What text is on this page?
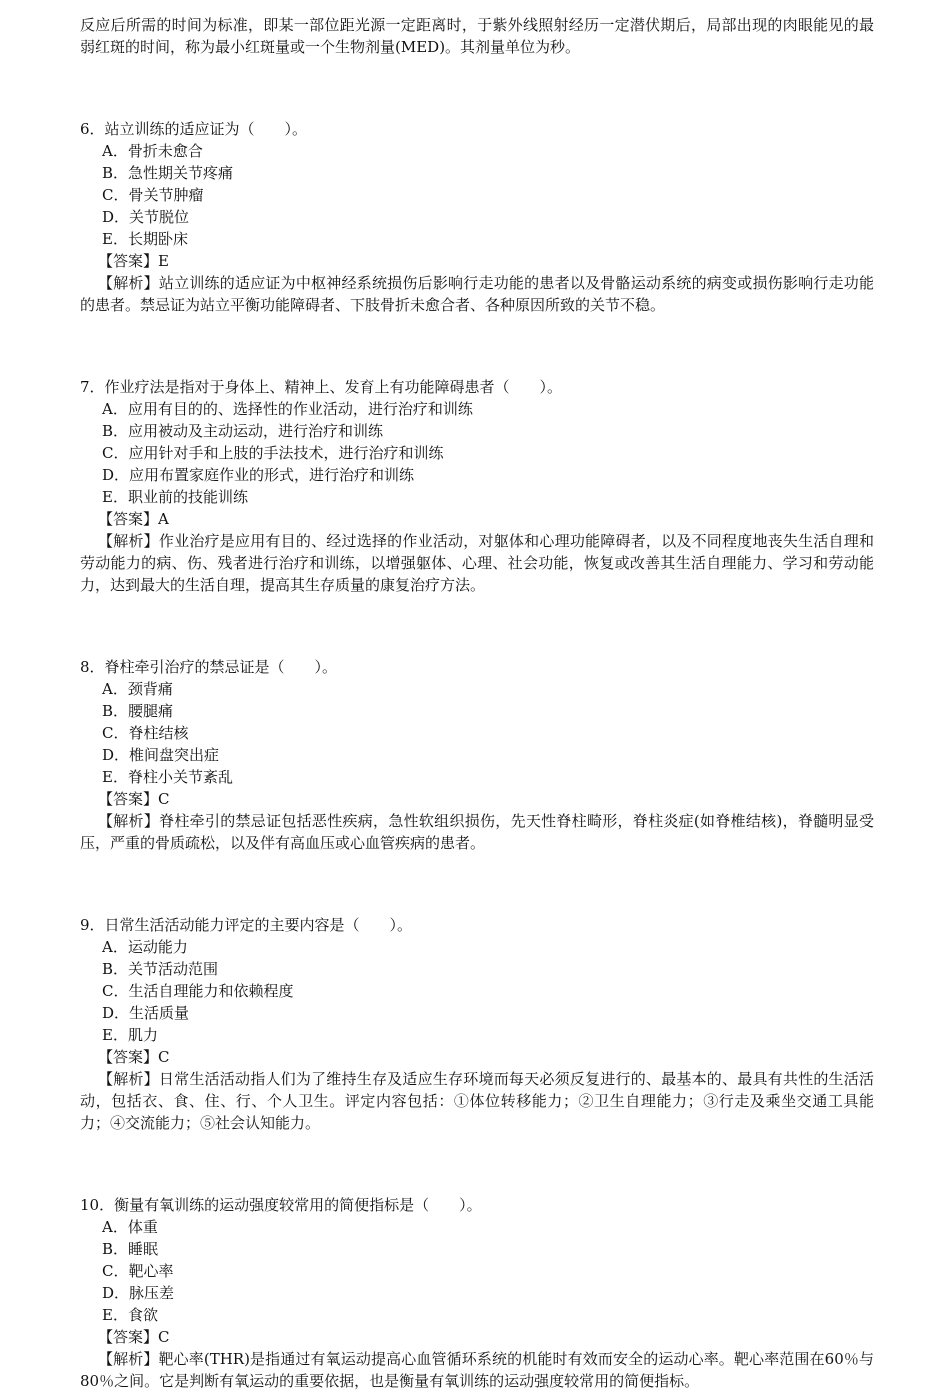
反应后所需的时间为标准，即某一部位距光源一定距离时，于紫外线照射经历一定潜伏期后，局部出现的肉眼能见的最弱红斑的时间，称为最小红斑量或一个生物剂量(MED)。其剂量单位为秒。

6．站立训练的适应证为（　　）。

A．骨折未愈合

B．急性期关节疼痛

C．骨关节肿瘤

D．关节脱位

E．长期卧床

【答案】E

【解析】站立训练的适应证为中枢神经系统损伤后影响行走功能的患者以及骨骼运动系统的病变或损伤影响行走功能的患者。禁忌证为站立平衡功能障碍者、下肢骨折未愈合者、各种原因所致的关节不稳。

7．作业疗法是指对于身体上、精神上、发育上有功能障碍患者（　　）。

A．应用有目的的、选择性的作业活动，进行治疗和训练

B．应用被动及主动运动，进行治疗和训练

C．应用针对手和上肢的手法技术，进行治疗和训练

D．应用布置家庭作业的形式，进行治疗和训练

E．职业前的技能训练

【答案】A

【解析】作业治疗是应用有目的、经过选择的作业活动，对躯体和心理功能障碍者，以及不同程度地丧失生活自理和劳动能力的病、伤、残者进行治疗和训练，以增强躯体、心理、社会功能，恢复或改善其生活自理能力、学习和劳动能力，达到最大的生活自理，提高其生存质量的康复治疗方法。

8．脊柱牵引治疗的禁忌证是（　　）。

A．颈背痛

B．腰腿痛

C．脊柱结核

D．椎间盘突出症

E．脊柱小关节紊乱

【答案】C

【解析】脊柱牵引的禁忌证包括恶性疾病，急性软组织损伤，先天性脊柱畸形，脊柱炎症(如脊椎结核)，脊髓明显受压，严重的骨质疏松，以及伴有高血压或心血管疾病的患者。

9．日常生活活动能力评定的主要内容是（　　）。

A．运动能力

B．关节活动范围

C．生活自理能力和依赖程度

D．生活质量

E．肌力

【答案】C

【解析】日常生活活动指人们为了维持生存及适应生存环境而每天必须反复进行的、最基本的、最具有共性的生活活动，包括衣、食、住、行、个人卫生。评定内容包括：①体位转移能力；②卫生自理能力；③行走及乘坐交通工具能力；④交流能力；⑤社会认知能力。

10．衡量有氧训练的运动强度较常用的简便指标是（　　）。

A．体重

B．睡眠

C．靶心率

D．脉压差

E．食欲

【答案】C

【解析】靶心率(THR)是指通过有氧运动提高心血管循环系统的机能时有效而安全的运动心率。靶心率范围在60％与80％之间。它是判断有氧运动的重要依据，也是衡量有氧训练的运动强度较常用的简便指标。
